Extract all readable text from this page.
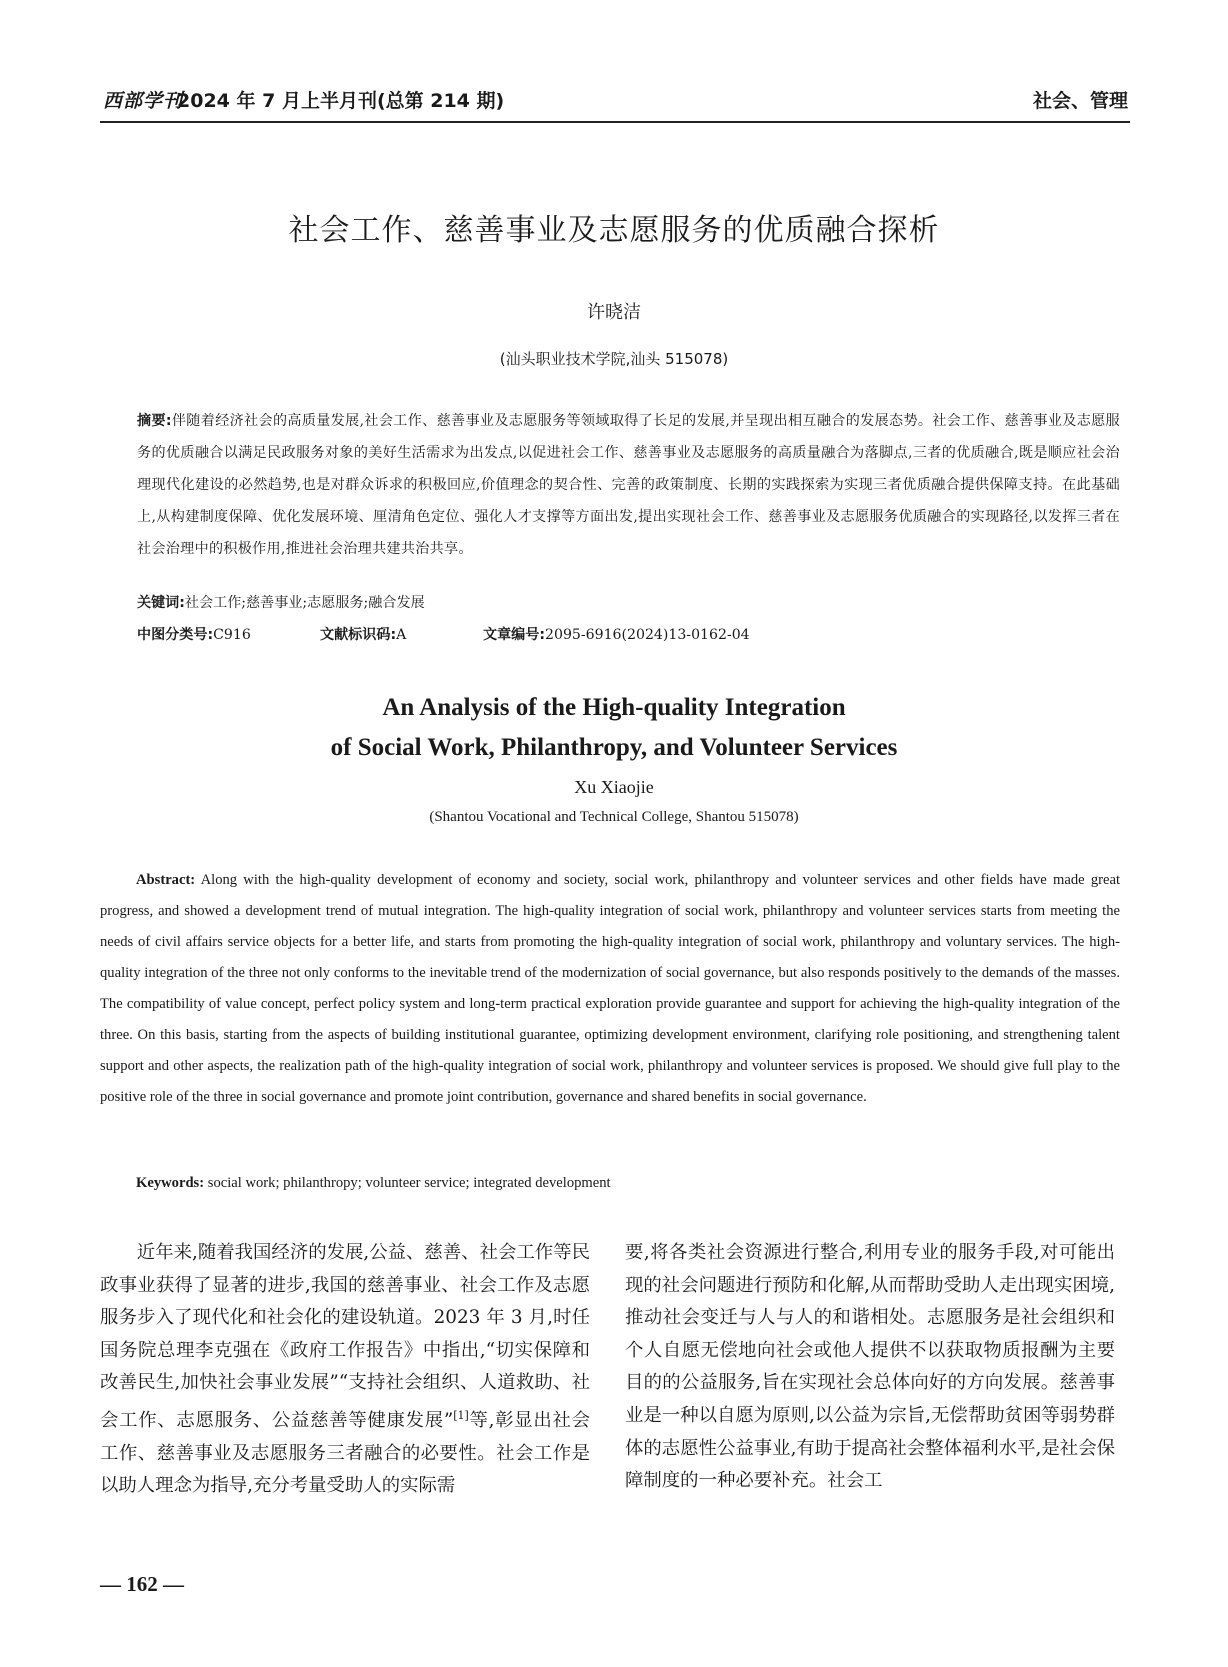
西部学刊
2024 年 7 月上半月刊(总第 214 期)	社会、管理
社会工作、慈善事业及志愿服务的优质融合探析
许晓洁
(汕头职业技术学院,汕头 515078)
摘要:伴随着经济社会的高质量发展,社会工作、慈善事业及志愿服务等领域取得了长足的发展,并呈现出相互融合的发展态势。社会工作、慈善事业及志愿服务的优质融合以满足民政服务对象的美好生活需求为出发点,以促进社会工作、慈善事业及志愿服务的高质量融合为落脚点,三者的优质融合,既是顺应社会治理现代化建设的必然趋势,也是对群众诉求的积极回应,价值理念的契合性、完善的政策制度、长期的实践探索为实现三者优质融合提供保障支持。在此基础上,从构建制度保障、优化发展环境、厘清角色定位、强化人才支撑等方面出发,提出实现社会工作、慈善事业及志愿服务优质融合的实现路径,以发挥三者在社会治理中的积极作用,推进社会治理共建共治共享。
关键词:社会工作;慈善事业;志愿服务;融合发展
中图分类号:C916	文献标识码:A	文章编号:2095-6916(2024)13-0162-04
An Analysis of the High-quality Integration
of Social Work, Philanthropy, and Volunteer Services
Xu Xiaojie
(Shantou Vocational and Technical College, Shantou 515078)
Abstract: Along with the high-quality development of economy and society, social work, philanthropy and volunteer services and other fields have made great progress, and showed a development trend of mutual integration. The high-quality integration of social work, philanthropy and volunteer services starts from meeting the needs of civil affairs service objects for a better life, and starts from promoting the high-quality integration of social work, philanthropy and voluntary services. The high-quality integration of the three not only conforms to the inevitable trend of the modernization of social governance, but also responds positively to the demands of the masses. The compatibility of value concept, perfect policy system and long-term practical exploration provide guarantee and support for achieving the high-quality integration of the three. On this basis, starting from the aspects of building institutional guarantee, optimizing development environment, clarifying role positioning, and strengthening talent support and other aspects, the realization path of the high-quality integration of social work, philanthropy and volunteer services is proposed. We should give full play to the positive role of the three in social governance and promote joint contribution, governance and shared benefits in social governance.
Keywords: social work; philanthropy; volunteer service; integrated development

近年来,随着我国经济的发展,公益、慈善、社会工作等民政事业获得了显著的进步,我国的慈善事业、社会工作及志愿服务步入了现代化和社会化的建设轨道。2023 年 3 月,时任国务院总理李克强在《政府工作报告》中指出,“切实保障和改善民生,加快社会事业发展”“支持社会组织、人道救助、社会工作、志愿服务、公益慈善等健康发展”[1]等,彰显出社会工作、慈善事业及志愿服务三者融合的必要性。社会工作是以助人理念为指导,充分考量受助人的实际需

要,将各类社会资源进行整合,利用专业的服务手段,对可能出现的社会问题进行预防和化解,从而帮助受助人走出现实困境,推动社会变迁与人与人的和谐相处。志愿服务是社会组织和个人自愿无偿地向社会或他人提供不以获取物质报酬为主要目的的公益服务,旨在实现社会总体向好的方向发展。慈善事业是一种以自愿为原则,以公益为宗旨,无偿帮助贫困等弱势群体的志愿性公益事业,有助于提高社会整体福利水平,是社会保障制度的一种必要补充。社会工

— 162 —
